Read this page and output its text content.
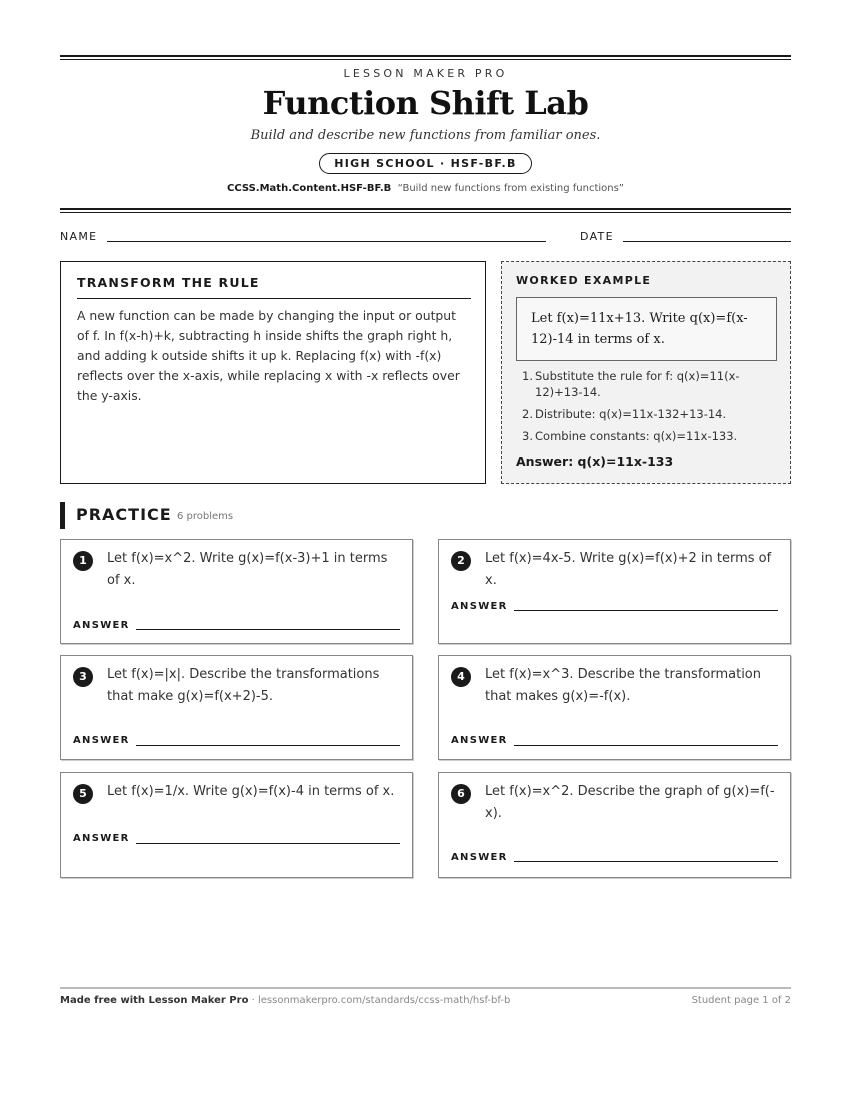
LESSON MAKER PRO
Function Shift Lab
Build and describe new functions from familiar ones.
HIGH SCHOOL · HSF-BF.B
CCSS.Math.Content.HSF-BF.B “Build new functions from existing functions”
NAME	DATE
TRANSFORM THE RULE
A new function can be made by changing the input or output of f. In f(x-h)+k, subtracting h inside shifts the graph right h, and adding k outside shifts it up k. Replacing f(x) with -f(x) reflects over the x-axis, while replacing x with -x reflects over the y-axis.
WORKED EXAMPLE
Let f(x)=11x+13. Write q(x)=f(x-12)-14 in terms of x.
1. Substitute the rule for f: q(x)=11(x-12)+13-14.
2. Distribute: q(x)=11x-132+13-14.
3. Combine constants: q(x)=11x-133.
Answer: q(x)=11x-133
PRACTICE 6 problems
1	Let f(x)=x^2. Write g(x)=f(x-3)+1 in terms of x.
ANSWER
2	Let f(x)=4x-5. Write g(x)=f(x)+2 in terms of x.
ANSWER
3	Let f(x)=|x|. Describe the transformations that make g(x)=f(x+2)-5.
ANSWER
4	Let f(x)=x^3. Describe the transformation that makes g(x)=-f(x).
ANSWER
5	Let f(x)=1/x. Write g(x)=f(x)-4 in terms of x.
ANSWER
6	Let f(x)=x^2. Describe the graph of g(x)=f(-x).
ANSWER
Made free with Lesson Maker Pro · lessonmakerpro.com/standards/ccss-math/hsf-bf-b	Student page 1 of 2
